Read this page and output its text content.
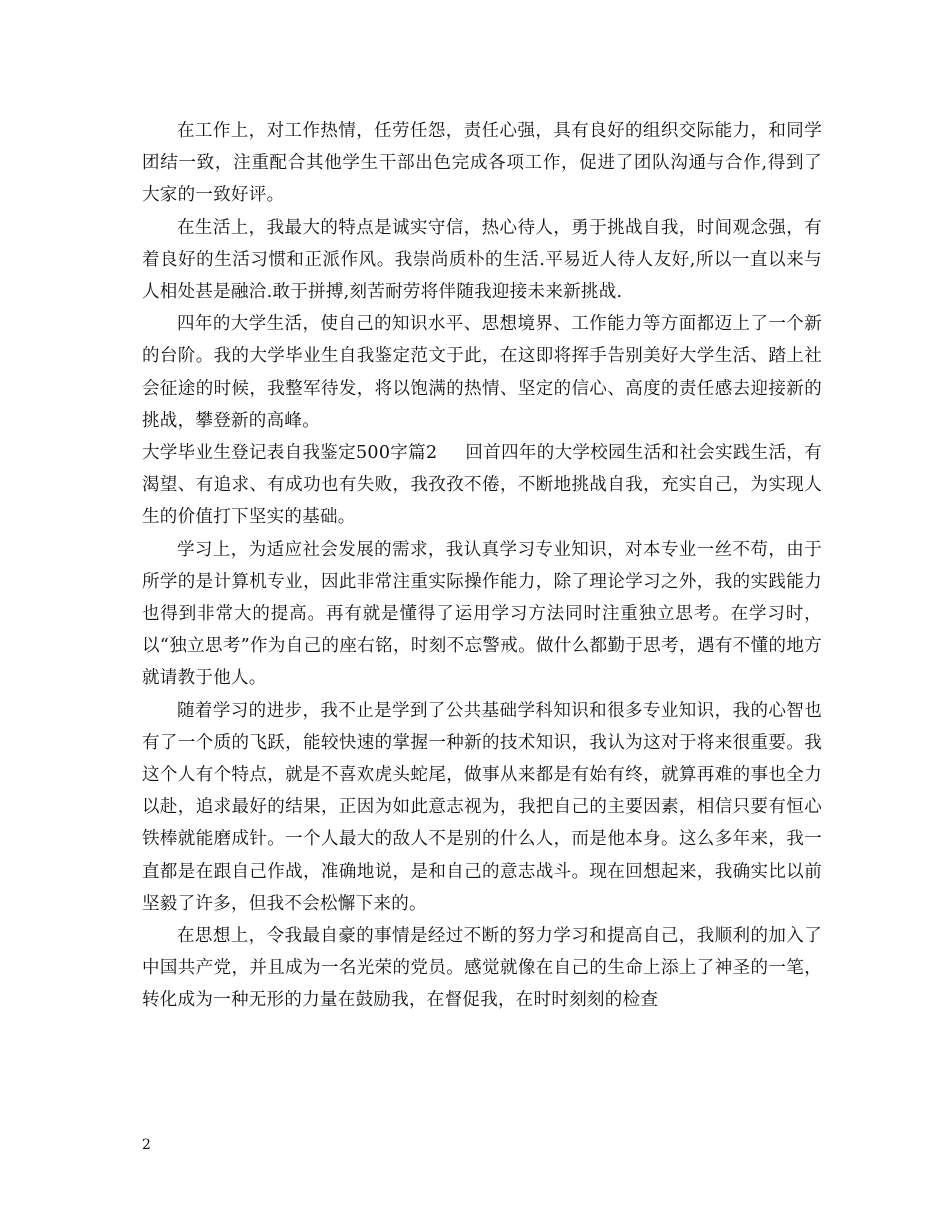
在工作上，对工作热情，任劳任怨，责任心强，具有良好的组织交际能力，和同学团结一致，注重配合其他学生干部出色完成各项工作，促进了团队沟通与合作,得到了大家的一致好评。

在生活上，我最大的特点是诚实守信，热心待人，勇于挑战自我，时间观念强，有着良好的生活习惯和正派作风。我崇尚质朴的生活.平易近人待人友好,所以一直以来与人相处甚是融洽.敢于拼搏,刻苦耐劳将伴随我迎接未来新挑战.

四年的大学生活，使自己的知识水平、思想境界、工作能力等方面都迈上了一个新的台阶。我的大学毕业生自我鉴定范文于此，在这即将挥手告别美好大学生活、踏上社会征途的时候，我整军待发，将以饱满的热情、坚定的信心、高度的责任感去迎接新的挑战，攀登新的高峰。

大学毕业生登记表自我鉴定500字篇2 回首四年的大学校园生活和社会实践生活，有渴望、有追求、有成功也有失败，我孜孜不倦，不断地挑战自我，充实自己，为实现人生的价值打下坚实的基础。

学习上，为适应社会发展的需求，我认真学习专业知识，对本专业一丝不苟，由于所学的是计算机专业，因此非常注重实际操作能力，除了理论学习之外，我的实践能力也得到非常大的提高。再有就是懂得了运用学习方法同时注重独立思考。在学习时，以“独立思考”作为自己的座右铭，时刻不忘警戒。做什么都勤于思考，遇有不懂的地方就请教于他人。

随着学习的进步，我不止是学到了公共基础学科知识和很多专业知识，我的心智也有了一个质的飞跃，能较快速的掌握一种新的技术知识，我认为这对于将来很重要。我这个人有个特点，就是不喜欢虎头蛇尾，做事从来都是有始有终，就算再难的事也全力以赴，追求最好的结果，正因为如此意志视为，我把自己的主要因素，相信只要有恒心铁棒就能磨成针。一个人最大的敌人不是别的什么人，而是他本身。这么多年来，我一直都是在跟自己作战，准确地说，是和自己的意志战斗。现在回想起来，我确实比以前坚毅了许多，但我不会松懈下来的。

在思想上，令我最自豪的事情是经过不断的努力学习和提高自己，我顺利的加入了中国共产党，并且成为一名光荣的党员。感觉就像在自己的生命上添上了神圣的一笔，转化成为一种无形的力量在鼓励我，在督促我，在时时刻刻的检查

2
